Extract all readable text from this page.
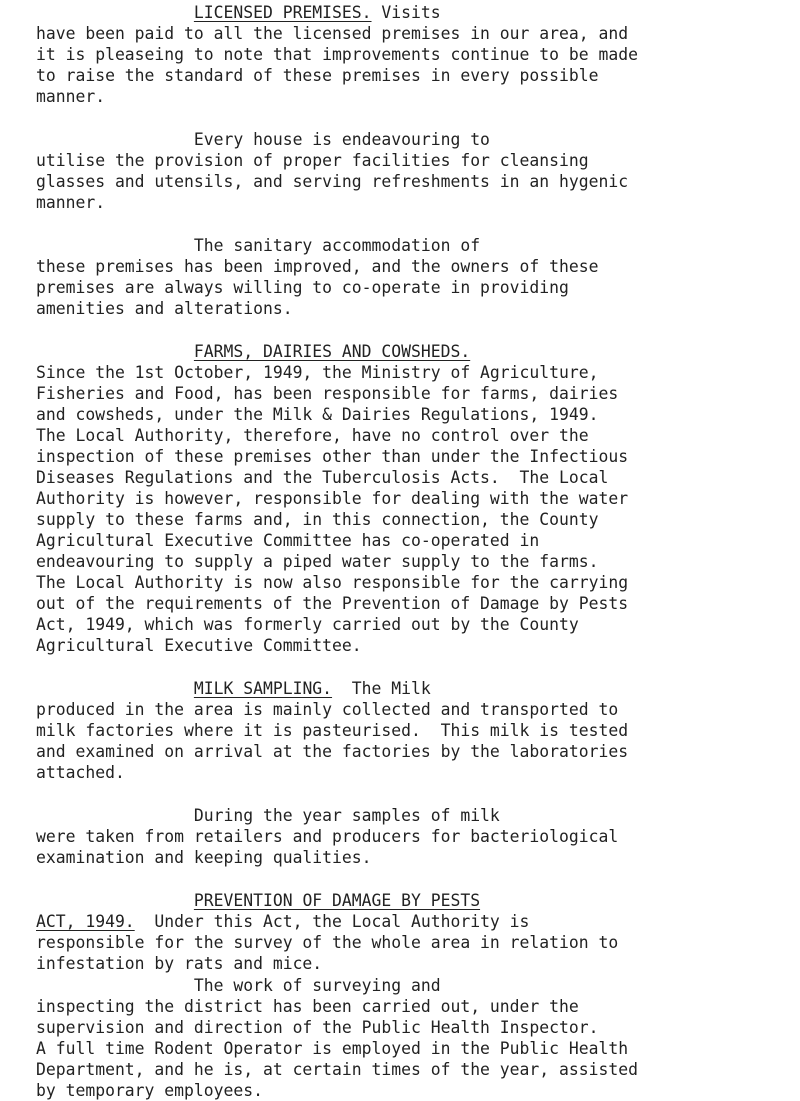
LICENSED PREMISES. Visits

have been paid to all the licensed premises in our area, and

it is pleaseing to note that improvements continue to be made

to raise the standard of these premises in every possible

manner.

Every house is endeavouring to

utilise the provision of proper facilities for cleansing

glasses and utensils, and serving refreshments in an hygenic

manner.

The sanitary accommodation of

these premises has been improved, and the owners of these

premises are always willing to co-operate in providing

amenities and alterations.

FARMS, DAIRIES AND COWSHEDS.

Since the 1st October, 1949, the Ministry of Agriculture,

Fisheries and Food, has been responsible for farms, dairies

and cowsheds, under the Milk & Dairies Regulations, 1949.

The Local Authority, therefore, have no control over the

inspection of these premises other than under the Infectious

Diseases Regulations and the Tuberculosis Acts.  The Local

Authority is however, responsible for dealing with the water

supply to these farms and, in this connection, the County

Agricultural Executive Committee has co-operated in

endeavouring to supply a piped water supply to the farms.

The Local Authority is now also responsible for the carrying

out of the requirements of the Prevention of Damage by Pests

Act, 1949, which was formerly carried out by the County

Agricultural Executive Committee.

MILK SAMPLING.  The Milk

produced in the area is mainly collected and transported to

milk factories where it is pasteurised.  This milk is tested

and examined on arrival at the factories by the laboratories

attached.

During the year samples of milk

were taken from retailers and producers for bacteriological

examination and keeping qualities.

PREVENTION OF DAMAGE BY PESTS

ACT, 1949.  Under this Act, the Local Authority is

responsible for the survey of the whole area in relation to

infestation by rats and mice.

The work of surveying and

inspecting the district has been carried out, under the

supervision and direction of the Public Health Inspector.

A full time Rodent Operator is employed in the Public Health

Department, and he is, at certain times of the year, assisted

by temporary employees.
